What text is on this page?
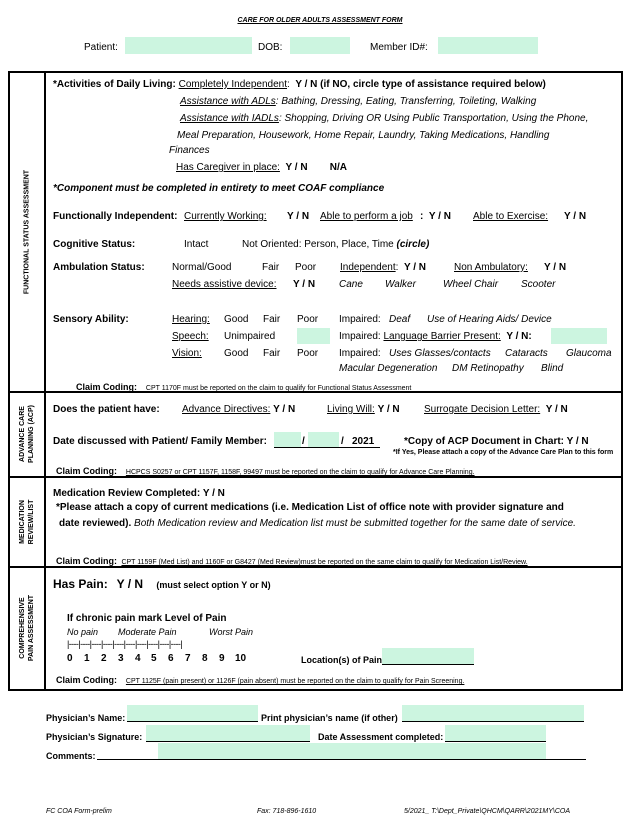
CARE FOR OLDER ADULTS ASSESSMENT FORM
Patient:	DOB:	Member ID#:
FUNCTIONAL STATUS ASSESSMENT
*Activities of Daily Living: Completely Independent:  Y / N (if NO, circle type of assistance required below)
Assistance with ADLs: Bathing, Dressing, Eating, Transferring, Toileting, Walking
Assistance with IADLs: Shopping, Driving OR Using Public Transportation, Using the Phone,
Meal Preparation, Housework, Home Repair, Laundry, Taking Medications, Handling
Finances
Has Caregiver in place: Y / N N/A
*Component must be completed in entirety to meet COAF compliance
Functionally Independent: Currently Working: Y / N Able to perform a job :  Y / N Able to Exercise: Y / N
Cognitive Status:	Intact	Not Oriented: Person, Place, Time (circle)
Ambulation Status:	Normal/Good	Fair Poor Independent:  Y / N	Non Ambulatory: Y / N
Needs assistive device: Y / N Cane Walker	Wheel Chair Scooter
Sensory Ability:	Hearing: Good Fair Poor Impaired: Deaf Use of Hearing Aids/ Device
Speech: Unimpaired	Impaired: Language Barrier Present: Y / N:
Vision: Good Fair Poor Impaired: Uses Glasses/contacts Cataracts Glaucoma
Macular Degeneration DM Retinopathy Blind
Claim Coding: CPT 1170F must be reported on the claim to qualify for Functional Status Assessment
ADVANCE CARE PLANNING (ACP) Does the patient have: Advance Directives: Y / N	Living Will: Y / N Surrogate Decision Letter: Y / N
Date discussed with Patient/ Family Member:	/	/ 2021	*Copy of ACP Document in Chart: Y / N
*If Yes, Please attach a copy of the Advance Care Plan to this form
Claim Coding: HCPCS S0257 or CPT 1157F, 1158F, 99497 must be reported on the claim to qualify for Advance Care Planning.
MEDICATION REVIEW/LIST
Medication Review Completed: Y / N
*Please attach a copy of current medications (i.e. Medication List of office note with provider signature and
date reviewed). Both Medication review and Medication list must be submitted together for the same date of service.
Claim Coding: CPT 1159F (Med List) and 1160F or G8427 (Med Review)must be reported on the same claim to qualify for Medication List/Review.
COMPREHENSIVE PAIN ASSESSMENT
Has Pain: Y / N (must select option Y or N)
If chronic pain mark Level of Pain
No pain Moderate Pain	Worst Pain
|----|----|----|----|----|----|----|----|----|----|
0 1 2 3 4 5 6 7 8 9 10	Location(s) of Pain
Claim Coding: CPT 1125F (pain present) or 1126F (pain absent) must be reported on the claim to qualify for Pain Screening.
Physician’s Name:	Print physician’s name (if other)
Physician’s Signature:	Date Assessment completed:
Comments:
FC COA Form-prelim	Fax: 718-896-1610	5/2021_ T:\Dept_Private\QHCM\QARR\2021MY\COA
